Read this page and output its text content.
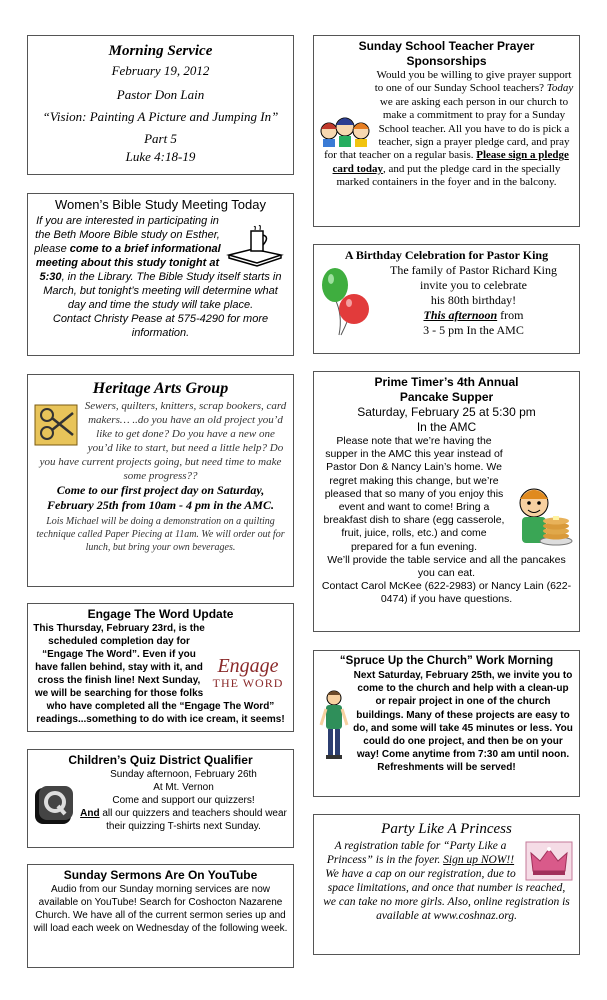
Morning Service

February 19, 2012

Pastor Don Lain

“Vision: Painting A Picture and Jumping In”

Part 5

Luke 4:18-19

Women’s Bible Study Meeting Today

If you are interested in participating in the Beth Moore Bible study on Esther, please come to a brief informational meeting about this study tonight at 5:30, in the Library. The Bible Study itself starts in March, but tonight’s meeting will determine what day and time the study will take place.

Contact Christy Pease at 575-4290 for more information.

Heritage Arts Group

Sewers, quilters, knitters, scrap bookers, card makers… ..do you have an old project you’d like to get done? Do you have a new one you’d like to start, but need a little help? Do you have current projects going, but need time to make some progress??

Come to our first project day on Saturday, February 25th from 10am - 4 pm in the AMC.

Lois Michael will be doing a demonstration on a quilting technique called Paper Piecing at 11am. We will order out for lunch, but bring your own beverages.

Engage The Word Update

Engage
THE WORD

This Thursday, February 23rd, is the scheduled completion day for “Engage The Word”. Even if you have fallen behind, stay with it, and cross the finish line! Next Sunday, we will be searching for those folks who have completed all the “Engage The Word” readings...something to do with ice cream, it seems!

Children’s Quiz District Qualifier

Sunday afternoon, February 26th

At Mt. Vernon

Come and support our quizzers!

And all our quizzers and teachers should wear their quizzing T-shirts next Sunday.

Sunday Sermons Are On YouTube

Audio from our Sunday morning services are now available on YouTube! Search for Coshocton Nazarene Church. We have all of the current sermon series up and will load each week on Wednesday of the following week.

Sunday School Teacher Prayer Sponsorships

Would you be willing to give prayer support to one of our Sunday School teachers? Today we are asking each person in our church to make a commitment to pray for a Sunday School teacher. All you have to do is pick a teacher, sign a prayer pledge card, and pray for that teacher on a regular basis. Please sign a pledge card today, and put the pledge card in the specially marked containers in the foyer and in the balcony.

A Birthday Celebration for Pastor King

The family of Pastor Richard King

invite you to celebrate

his 80th birthday!

This afternoon from

3 - 5 pm In the AMC

Prime Timer’s 4th Annual

Pancake Supper

Saturday, February 25 at 5:30 pm

In the AMC

Please note that we’re having the supper in the AMC this year instead of Pastor Don & Nancy Lain’s home. We regret making this change, but we’re pleased that so many of you enjoy this event and want to come! Bring a breakfast dish to share (egg casserole, fruit, juice, rolls, etc.) and come prepared for a fun evening.

We’ll provide the table service and all the pancakes you can eat.

Contact Carol McKee (622-2983) or Nancy Lain (622-0474) if you have questions.

“Spruce Up the Church” Work Morning

Next Saturday, February 25th, we invite you to come to the church and help with a clean-up or repair project in one of the church buildings. Many of these projects are easy to do, and some will take 45 minutes or less. You could do one project, and then be on your way! Come anytime from 7:30 am until noon.

Refreshments will be served!

Party Like A Princess

A registration table for “Party Like a Princess” is in the foyer. Sign up NOW!! We have a cap on our registration, due to space limitations, and once that number is reached, we can take no more girls. Also, online registration is available at www.coshnaz.org.
